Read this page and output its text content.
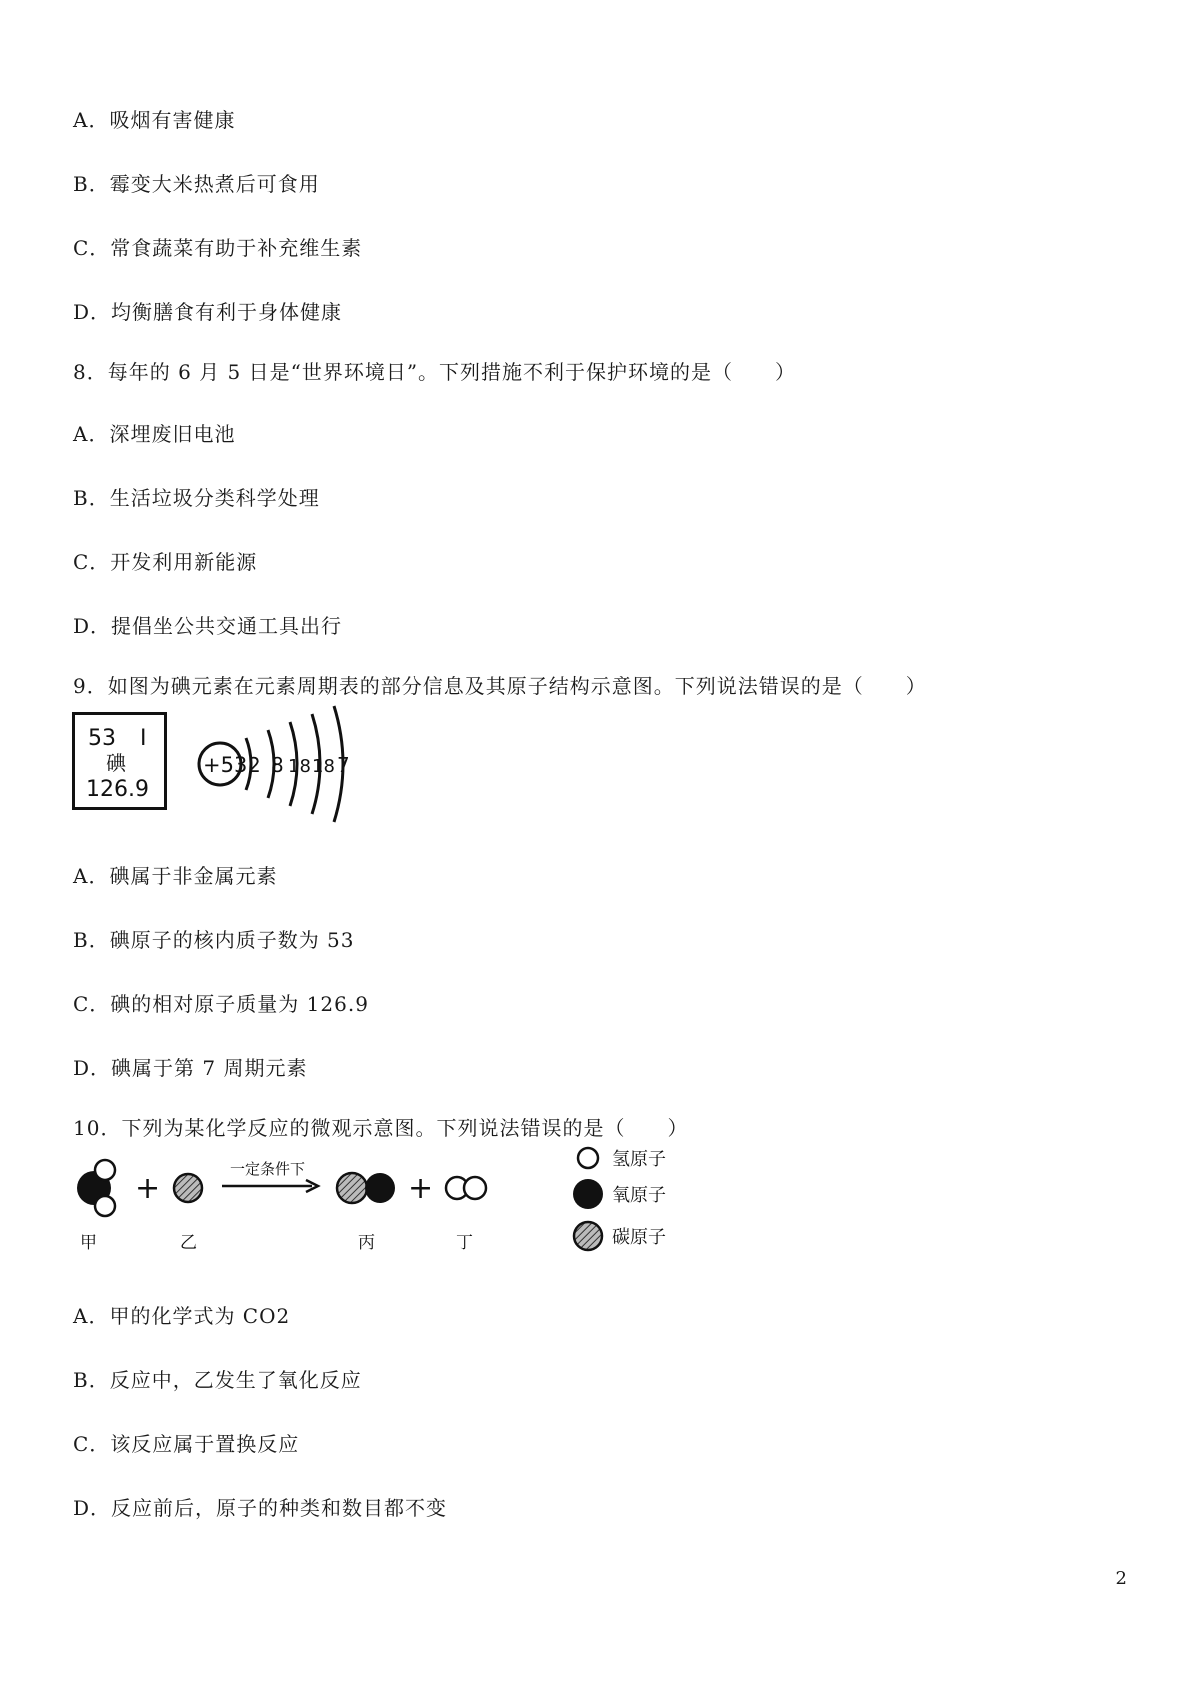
A．吸烟有害健康
B．霉变大米热煮后可食用
C．常食蔬菜有助于补充维生素
D．均衡膳食有利于身体健康
8．每年的 6 月 5 日是“世界环境日”。下列措施不利于保护环境的是（　　）
A．深埋废旧电池
B．生活垃圾分类科学处理
C．开发利用新能源
D．提倡坐公共交通工具出行
9．如图为碘元素在元素周期表的部分信息及其原子结构示意图。下列说法错误的是（　　）
53 I
碘
126.9
+53 2 8 18 18 7
A．碘属于非金属元素
B．碘原子的核内质子数为 53
C．碘的相对原子质量为 126.9
D．碘属于第 7 周期元素
10．下列为某化学反应的微观示意图。下列说法错误的是（　　）
+
一定条件下
+
甲	乙	丙	丁
氢原子
氧原子
碳原子
A．甲的化学式为 CO2
B．反应中，乙发生了氧化反应
C．该反应属于置换反应
D．反应前后，原子的种类和数目都不变
2
